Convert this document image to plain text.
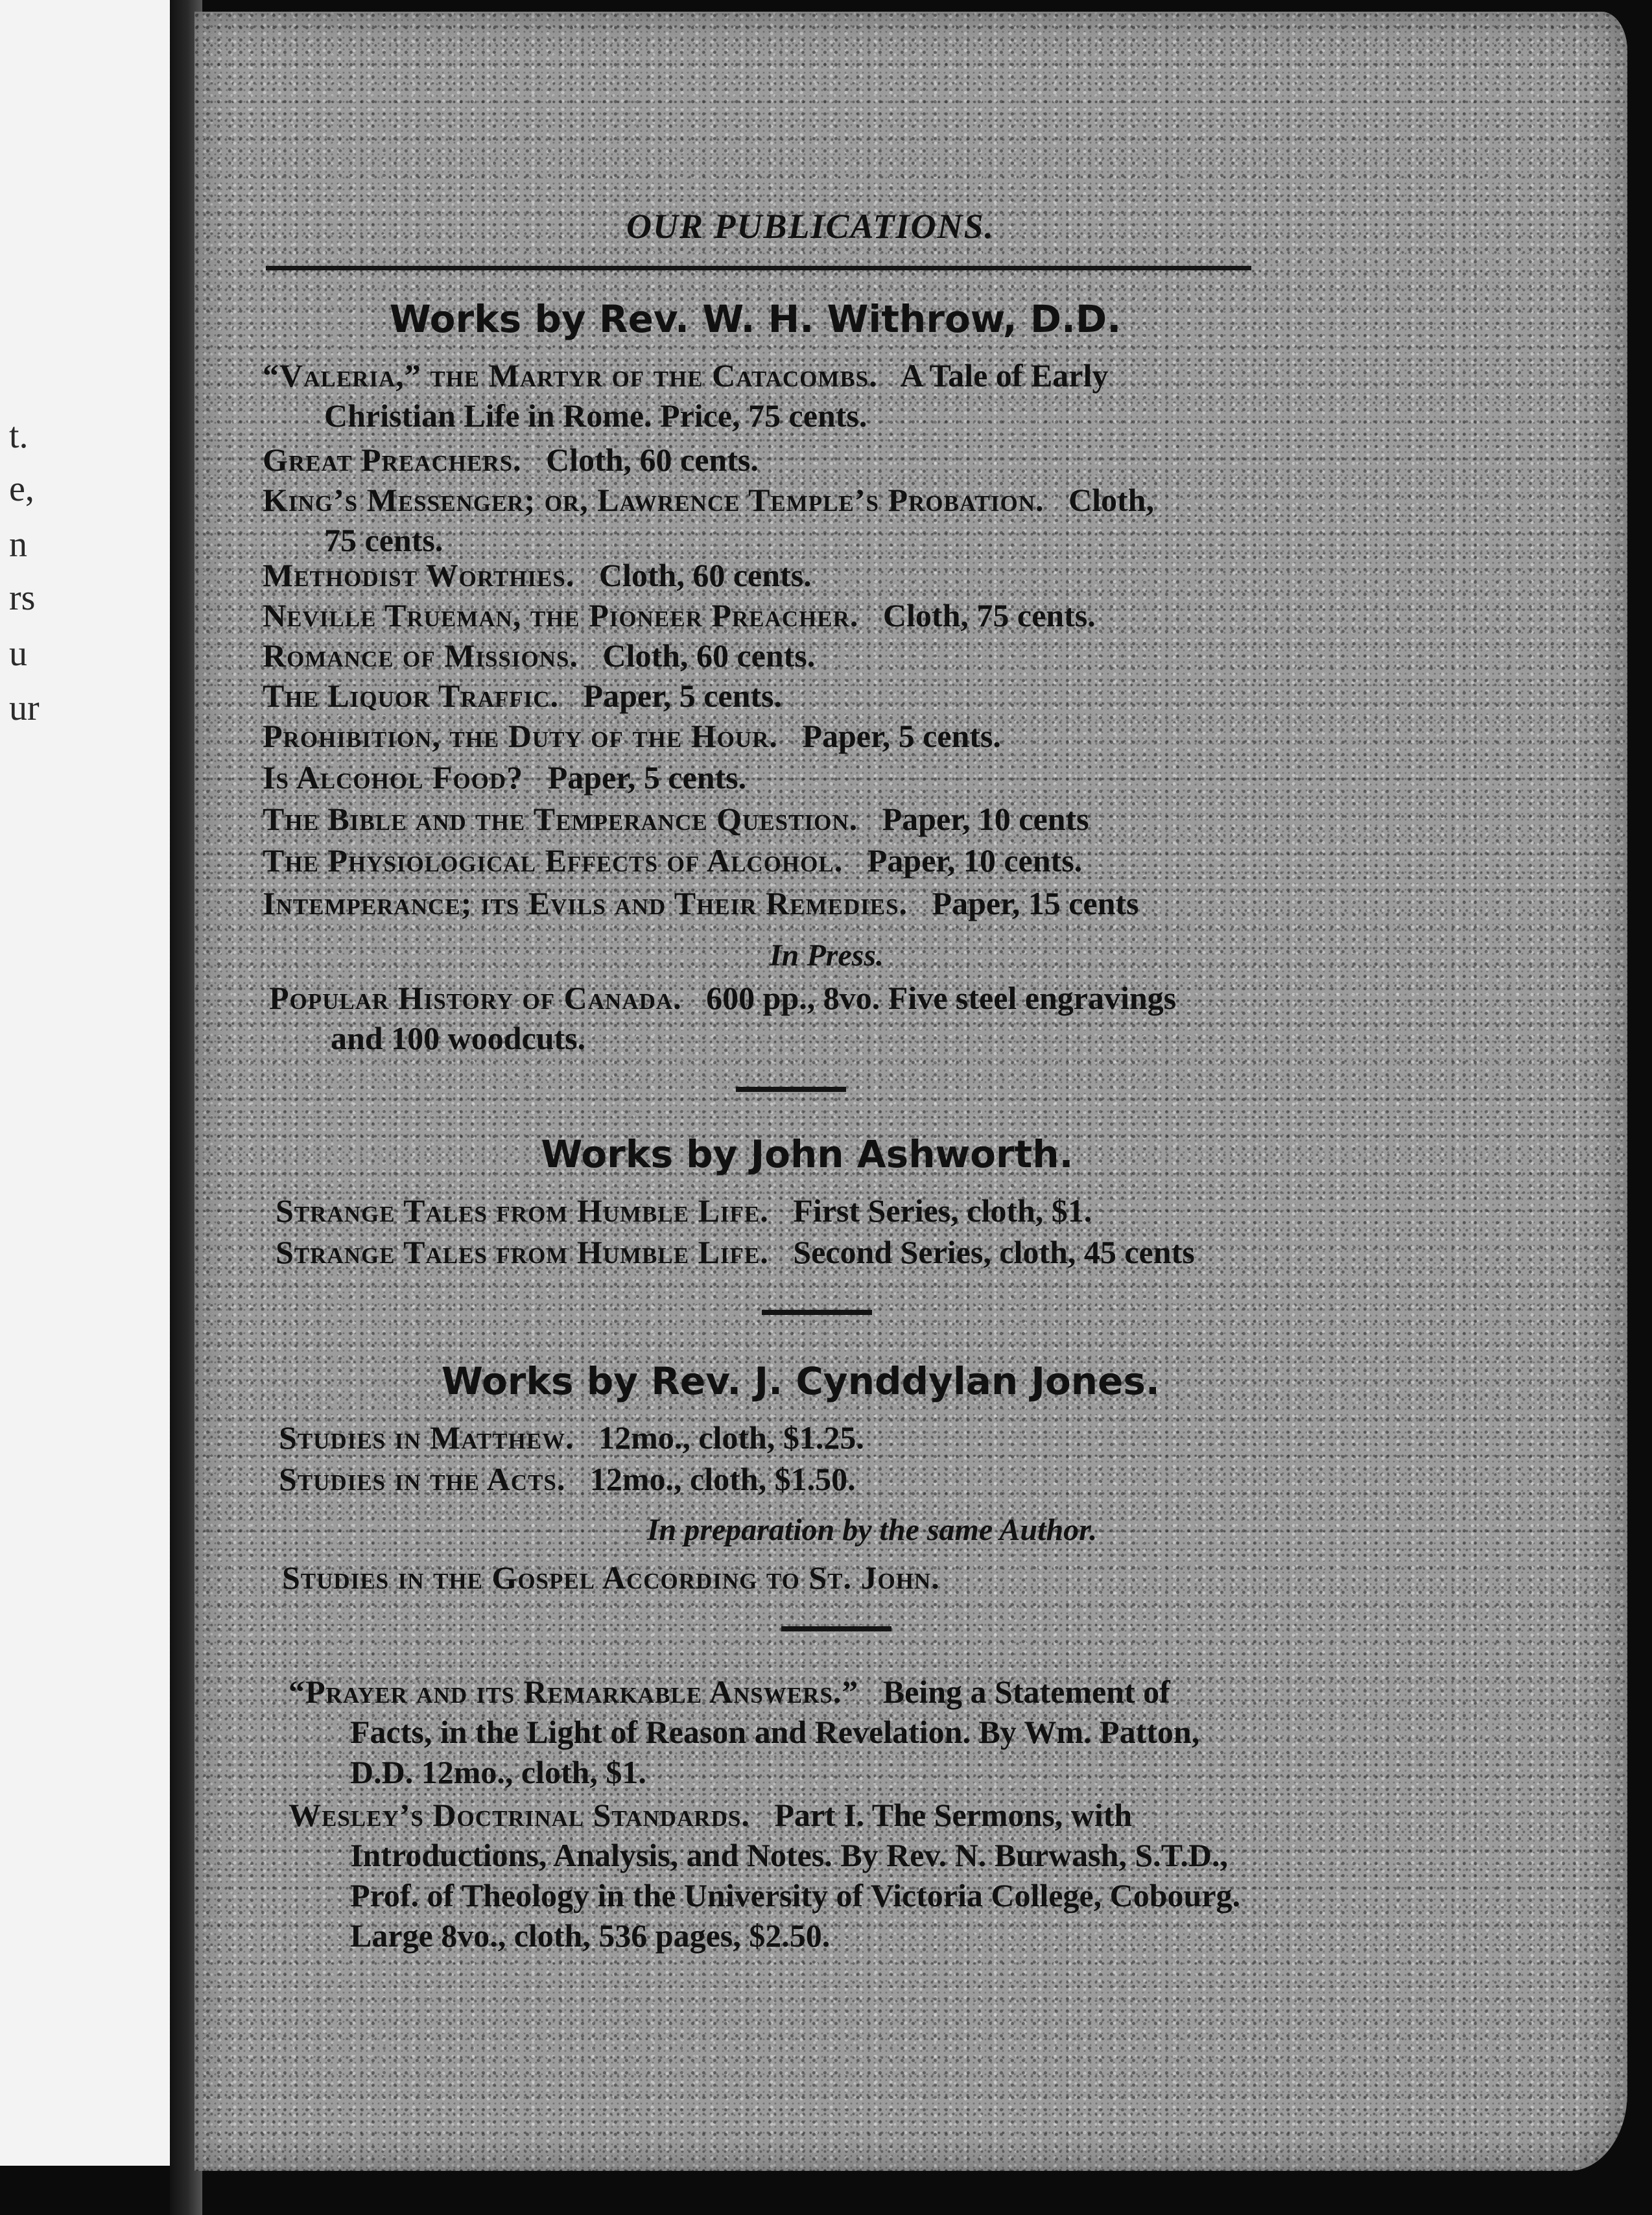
t.
e,
n
rs
u
ur
OUR PUBLICATIONS.
Works by Rev. W. H. Withrow, D.D.
“Valeria,” the Martyr of the Catacombs. A Tale of Early
Christian Life in Rome. Price, 75 cents.
Great Preachers. Cloth, 60 cents.
King’s Messenger; or, Lawrence Temple’s Probation. Cloth,
75 cents.
Methodist Worthies. Cloth, 60 cents.
Neville Trueman, the Pioneer Preacher. Cloth, 75 cents.
Romance of Missions. Cloth, 60 cents.
The Liquor Traffic. Paper, 5 cents.
Prohibition, the Duty of the Hour. Paper, 5 cents.
Is Alcohol Food? Paper, 5 cents.
The Bible and the Temperance Question. Paper, 10 cents
The Physiological Effects of Alcohol. Paper, 10 cents.
Intemperance; its Evils and Their Remedies. Paper, 15 cents
In Press.
Popular History of Canada. 600 pp., 8vo. Five steel engravings
and 100 woodcuts.
Works by John Ashworth.
Strange Tales from Humble Life. First Series, cloth, $1.
Strange Tales from Humble Life. Second Series, cloth, 45 cents
Works by Rev. J. Cynddylan Jones.
Studies in Matthew. 12mo., cloth, $1.25.
Studies in the Acts. 12mo., cloth, $1.50.
In preparation by the same Author.
Studies in the Gospel According to St. John.
“Prayer and its Remarkable Answers.” Being a Statement of
Facts, in the Light of Reason and Revelation. By Wm. Patton,
D.D. 12mo., cloth, $1.
Wesley’s Doctrinal Standards. Part I. The Sermons, with
Introductions, Analysis, and Notes. By Rev. N. Burwash, S.T.D.,
Prof. of Theology in the University of Victoria College, Cobourg.
Large 8vo., cloth, 536 pages, $2.50.
